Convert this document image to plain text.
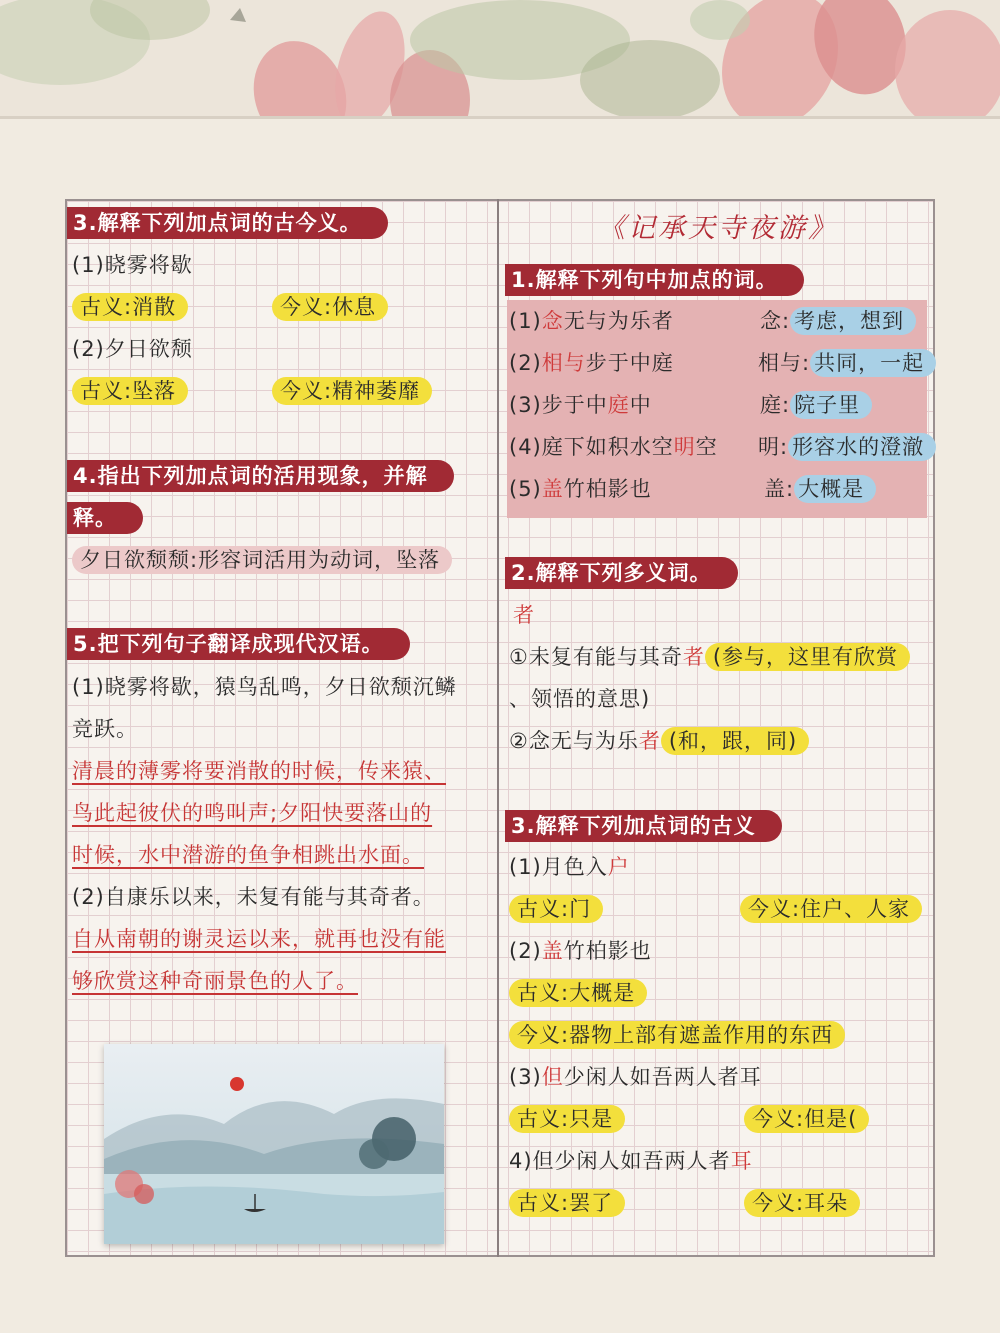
3.解释下列加点词的古今义。
(1)晓雾将歇
古义:消散	今义:休息
(2)夕日欲颓
古义:坠落	今义:精神萎靡
4.指出下列加点词的活用现象，并解
释。
夕日欲颓颓:形容词活用为动词，坠落
5.把下列句子翻译成现代汉语。
(1)晓雾将歇，猿鸟乱鸣，夕日欲颓沉鳞
竞跃。
清晨的薄雾将要消散的时候，传来猿、
鸟此起彼伏的鸣叫声;夕阳快要落山的
时候，水中潜游的鱼争相跳出水面。
(2)自康乐以来，未复有能与其奇者。
自从南朝的谢灵运以来，就再也没有能
够欣赏这种奇丽景色的人了。
《记承天寺夜游》
1.解释下列句中加点的词。
(1)念无与为乐者	念: 考虑，想到
(2)相与步于中庭	相与: 共同，一起
(3)步于中庭中	庭: 院子里
(4)庭下如积水空明空 明: 形容水的澄澈
(5)盖竹柏影也	盖: 大概是
2.解释下列多义词。
者
①未复有能与其奇者 (参与，这里有欣赏
、领悟的意思)
②念无与为乐者 (和，跟，同)
3.解释下列加点词的古义
(1)月色入户
古义:门	今义:住户、人家
(2)盖竹柏影也
古义:大概是
今义:器物上部有遮盖作用的东西
(3)但少闲人如吾两人者耳
古义:只是	今义:但是(
4)但少闲人如吾两人者耳
古义:罢了	今义:耳朵
